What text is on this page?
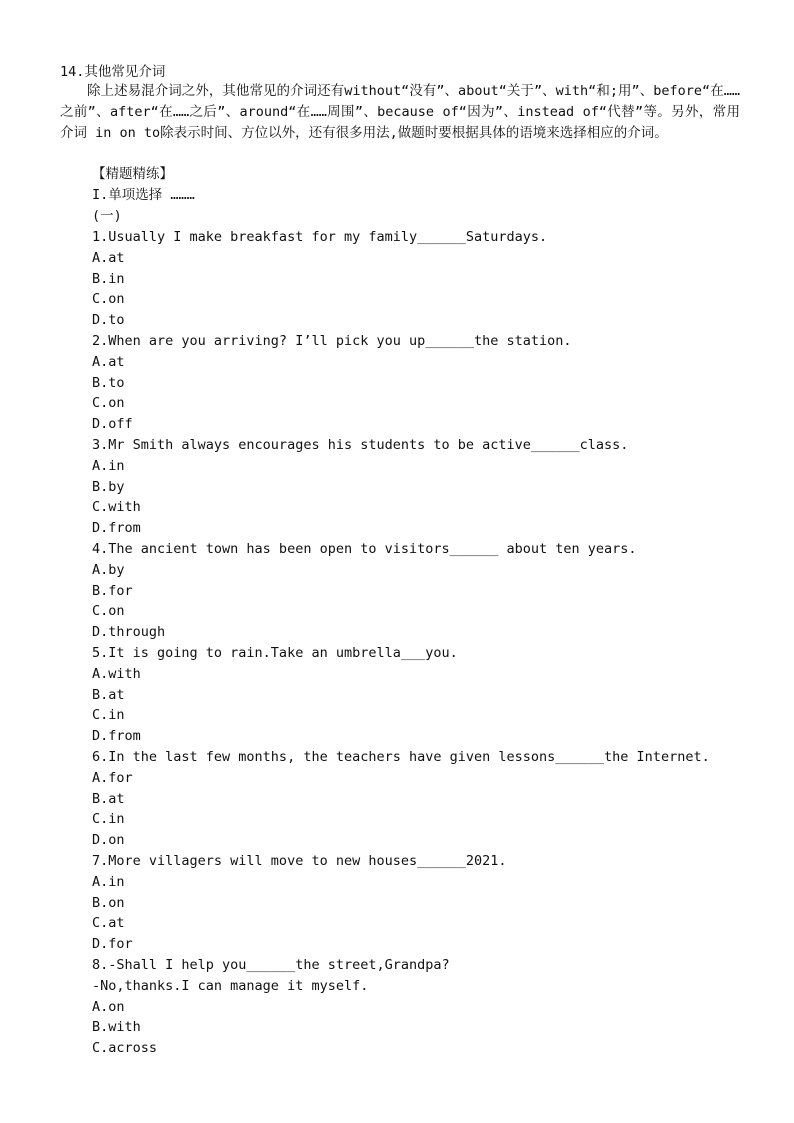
14.其他常见介词

除上述易混介词之外，其他常见的介词还有without“没有”、about“关于”、with“和;用”、before“在……之前”、after“在……之后”、around“在……周围”、because of“因为”、instead of“代替”等。另外，常用介词 in on to除表示时间、方位以外，还有很多用法,做题时要根据具体的语境来选择相应的介词。

【精题精练】
I.单项选择 ………
(一)
1.Usually I make breakfast for my family______Saturdays.
A.at
B.in
C.on
D.to
2.When are you arriving? I’ll pick you up______the station.
A.at
B.to
C.on
D.off
3.Mr Smith always encourages his students to be active______class.
A.in
B.by
C.with
D.from
4.The ancient town has been open to visitors______ about ten years.
A.by
B.for
C.on
D.through
5.It is going to rain.Take an umbrella___you.
A.with
B.at
C.in
D.from
6.In the last few months, the teachers have given lessons______the Internet.
A.for
B.at
C.in
D.on
7.More villagers will move to new houses______2021.
A.in
B.on
C.at
D.for
8.-Shall I help you______the street,Grandpa?
-No,thanks.I can manage it myself.
A.on
B.with
C.across
